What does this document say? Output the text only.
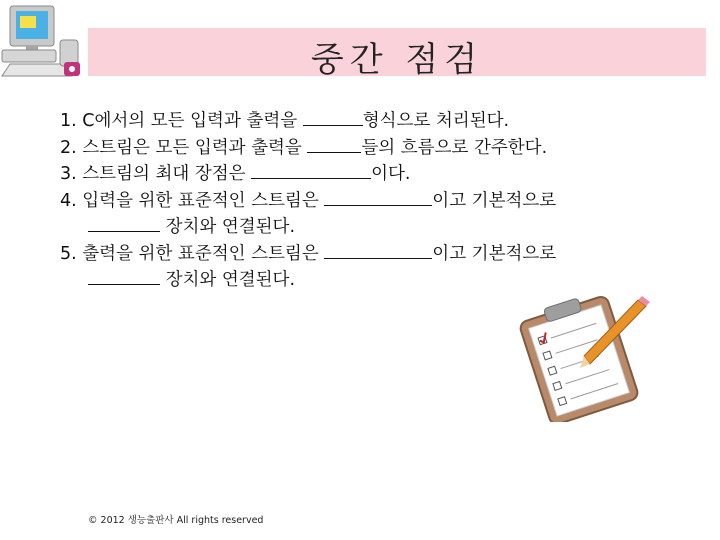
중간 점검
1. C에서의 모든 입력과 출력을	형식으로 처리된다.
2. 스트림은 모든 입력과 출력을	들의 흐름으로 간주한다.
3. 스트림의 최대 장점은	이다.
4. 입력을 위한 표준적인 스트림은	이고 기본적으로
장치와 연결된다.
5. 출력을 위한 표준적인 스트림은	이고 기본적으로
장치와 연결된다.
© 2012 생능출판사 All rights reserved
